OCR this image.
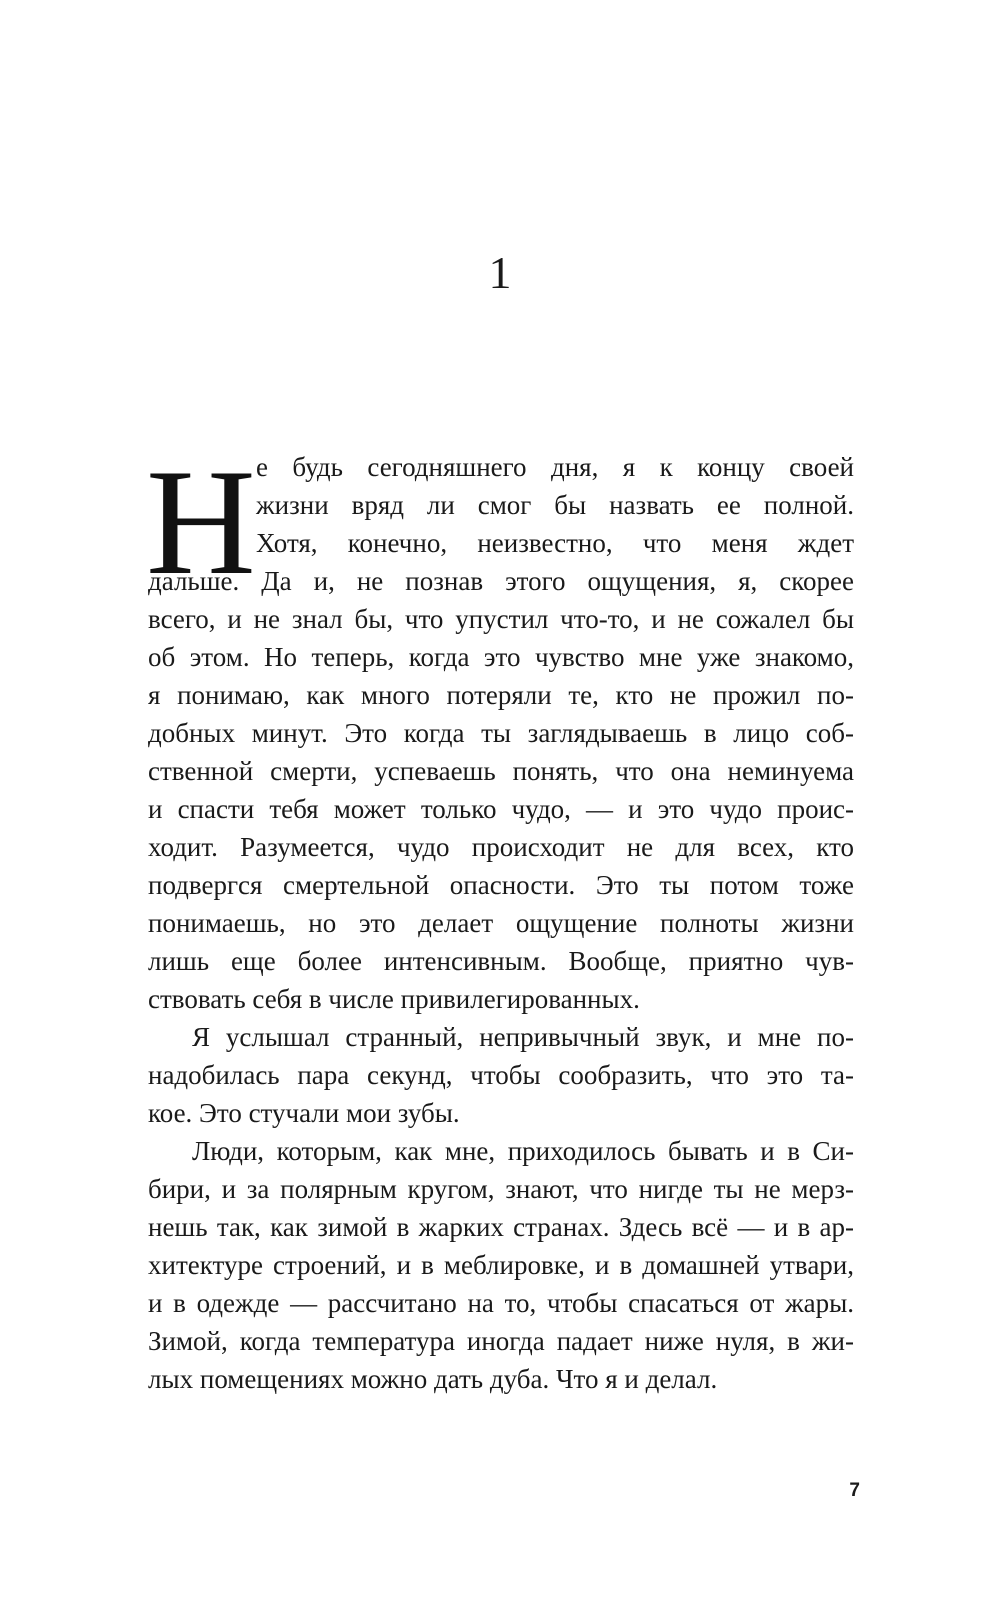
1
Н е будь сегодняшнего дня, я к концу своей
жизни вряд ли смог бы назвать ее полной.
Хотя, конечно, неизвестно, что меня ждет
дальше. Да и, не познав этого ощущения, я, скорее
всего, и не знал бы, что упустил что-то, и не сожалел бы
об этом. Но теперь, когда это чувство мне уже знакомо,
я понимаю, как много потеряли те, кто не прожил по-
добных минут. Это когда ты заглядываешь в лицо соб-
ственной смерти, успеваешь понять, что она неминуема
и спасти тебя может только чудо, — и это чудо проис-
ходит. Разумеется, чудо происходит не для всех, кто
подвергся смертельной опасности. Это ты потом тоже
понимаешь, но это делает ощущение полноты жизни
лишь еще более интенсивным. Вообще, приятно чув-
ствовать себя в числе привилегированных.
Я услышал странный, непривычный звук, и мне по-
надобилась пара секунд, чтобы сообразить, что это та-
кое. Это стучали мои зубы.
Люди, которым, как мне, приходилось бывать и в Си-
бири, и за полярным кругом, знают, что нигде ты не мерз-
нешь так, как зимой в жарких странах. Здесь всё — и в ар-
хитектуре строений, и в меблировке, и в домашней утвари,
и в одежде — рассчитано на то, чтобы спасаться от жары.
Зимой, когда температура иногда падает ниже нуля, в жи-
лых помещениях можно дать дуба. Что я и делал.
7
